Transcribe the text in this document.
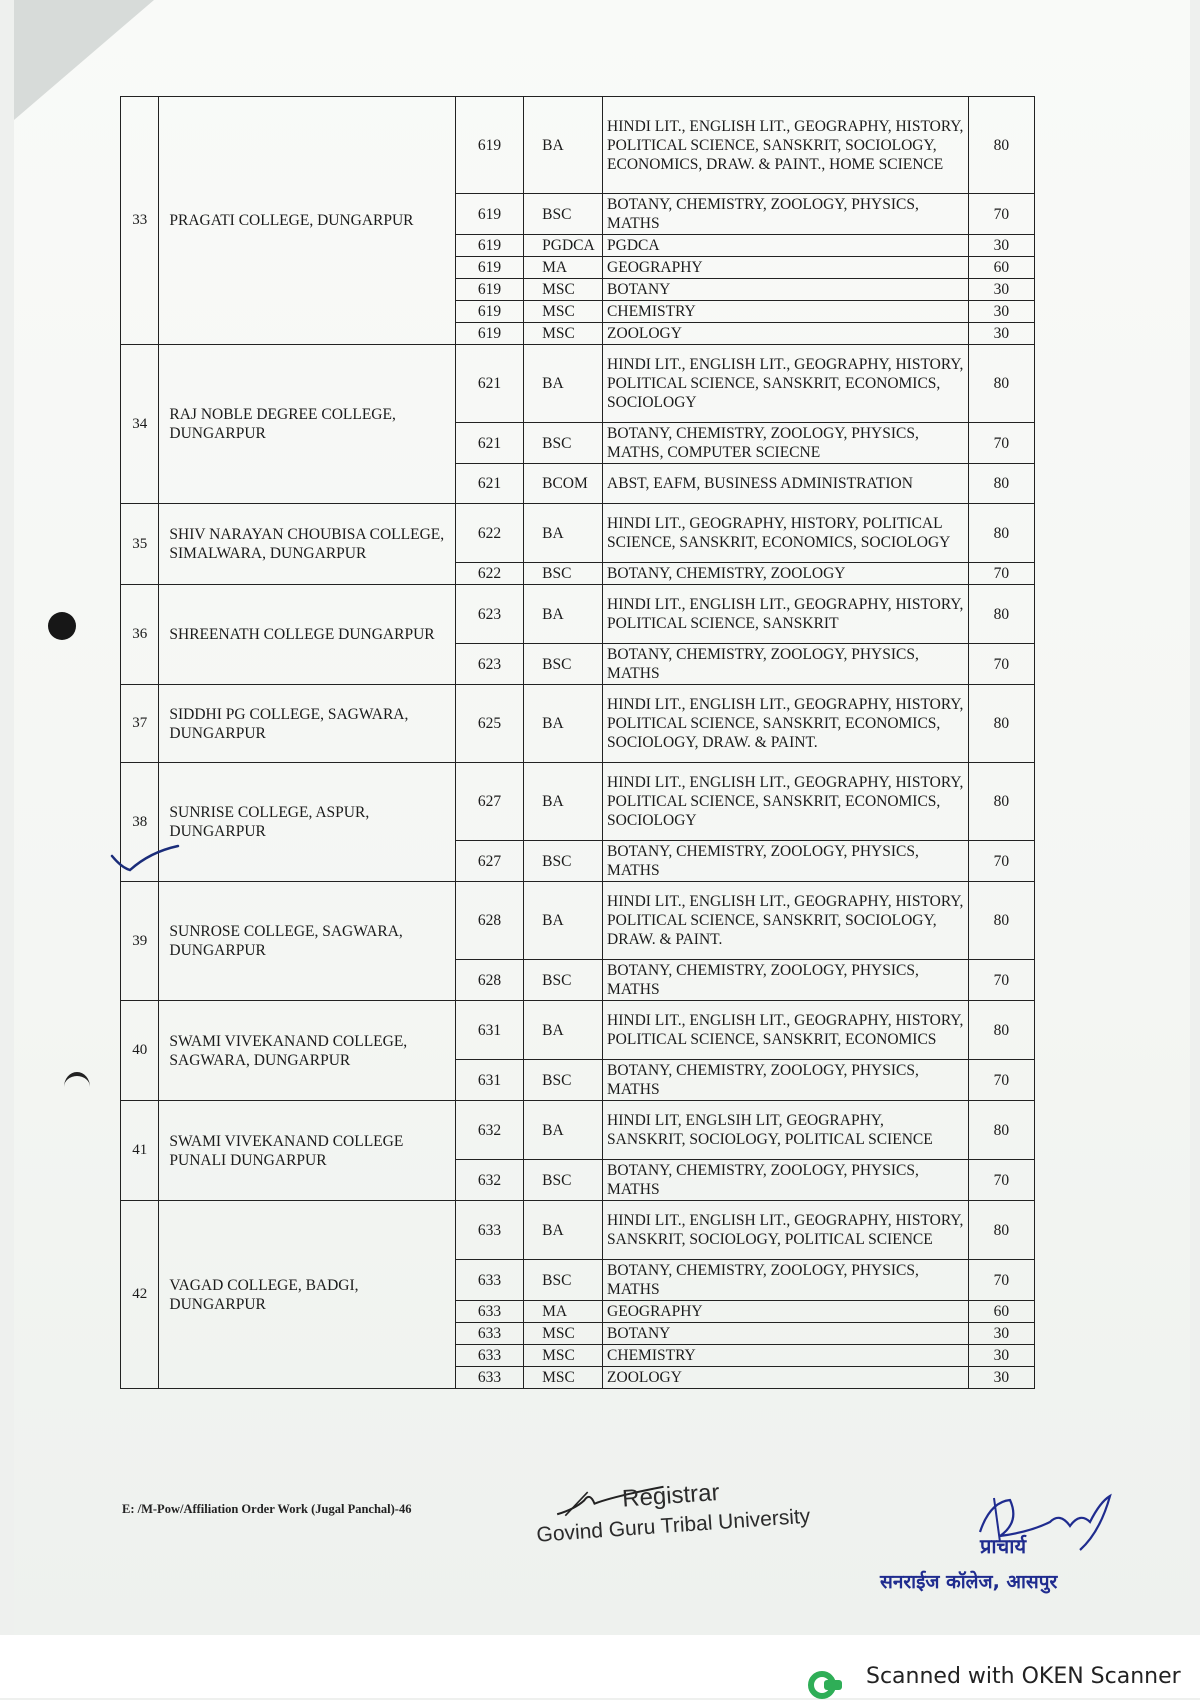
33	PRAGATI COLLEGE, DUNGARPUR	619	BA	HINDI LIT., ENGLISH LIT., GEOGRAPHY, HISTORY, POLITICAL SCIENCE, SANSKRIT, SOCIOLOGY, ECONOMICS, DRAW. & PAINT., HOME SCIENCE	80
		619	BSC	BOTANY, CHEMISTRY, ZOOLOGY, PHYSICS, MATHS	70
		619	PGDCA	PGDCA	30
		619	MA	GEOGRAPHY	60
		619	MSC	BOTANY	30
		619	MSC	CHEMISTRY	30
		619	MSC	ZOOLOGY	30
34	RAJ NOBLE DEGREE COLLEGE, DUNGARPUR	621	BA	HINDI LIT., ENGLISH LIT., GEOGRAPHY, HISTORY, POLITICAL SCIENCE, SANSKRIT, ECONOMICS, SOCIOLOGY	80
		621	BSC	BOTANY, CHEMISTRY, ZOOLOGY, PHYSICS, MATHS, COMPUTER SCIECNE	70
		621	BCOM	ABST, EAFM, BUSINESS ADMINISTRATION	80
35	SHIV NARAYAN CHOUBISA COLLEGE, SIMALWARA, DUNGARPUR	622	BA	HINDI LIT., GEOGRAPHY, HISTORY, POLITICAL SCIENCE, SANSKRIT, ECONOMICS, SOCIOLOGY	80
		622	BSC	BOTANY, CHEMISTRY, ZOOLOGY	70
36	SHREENATH COLLEGE DUNGARPUR	623	BA	HINDI LIT., ENGLISH LIT., GEOGRAPHY, HISTORY, POLITICAL SCIENCE, SANSKRIT	80
		623	BSC	BOTANY, CHEMISTRY, ZOOLOGY, PHYSICS, MATHS	70
37	SIDDHI PG COLLEGE, SAGWARA, DUNGARPUR	625	BA	HINDI LIT., ENGLISH LIT., GEOGRAPHY, HISTORY, POLITICAL SCIENCE, SANSKRIT, ECONOMICS, SOCIOLOGY, DRAW. & PAINT.	80
38	SUNRISE COLLEGE, ASPUR, DUNGARPUR	627	BA	HINDI LIT., ENGLISH LIT., GEOGRAPHY, HISTORY, POLITICAL SCIENCE, SANSKRIT, ECONOMICS, SOCIOLOGY	80
		627	BSC	BOTANY, CHEMISTRY, ZOOLOGY, PHYSICS, MATHS	70
39	SUNROSE COLLEGE, SAGWARA, DUNGARPUR	628	BA	HINDI LIT., ENGLISH LIT., GEOGRAPHY, HISTORY, POLITICAL SCIENCE, SANSKRIT, SOCIOLOGY, DRAW. & PAINT.	80
		628	BSC	BOTANY, CHEMISTRY, ZOOLOGY, PHYSICS, MATHS	70
40	SWAMI VIVEKANAND COLLEGE, SAGWARA, DUNGARPUR	631	BA	HINDI LIT., ENGLISH LIT., GEOGRAPHY, HISTORY, POLITICAL SCIENCE, SANSKRIT, ECONOMICS	80
		631	BSC	BOTANY, CHEMISTRY, ZOOLOGY, PHYSICS, MATHS	70
41	SWAMI VIVEKANAND COLLEGE PUNALI DUNGARPUR	632	BA	HINDI LIT, ENGLSIH LIT, GEOGRAPHY, SANSKRIT, SOCIOLOGY, POLITICAL SCIENCE	80
		632	BSC	BOTANY, CHEMISTRY, ZOOLOGY, PHYSICS, MATHS	70
42	VAGAD COLLEGE, BADGI, DUNGARPUR	633	BA	HINDI LIT., ENGLISH LIT., GEOGRAPHY, HISTORY, SANSKRIT, SOCIOLOGY, POLITICAL SCIENCE	80
		633	BSC	BOTANY, CHEMISTRY, ZOOLOGY, PHYSICS, MATHS	70
		633	MA	GEOGRAPHY	60
		633	MSC	BOTANY	30
		633	MSC	CHEMISTRY	30
		633	MSC	ZOOLOGY	30
E: /M-Pow/Affiliation Order Work (Jugal Panchal)-46	Registrar
Govind Guru Tribal University	प्राचार्य
सनराईज कॉलेज, आसपुर
Scanned with OKEN Scanner
